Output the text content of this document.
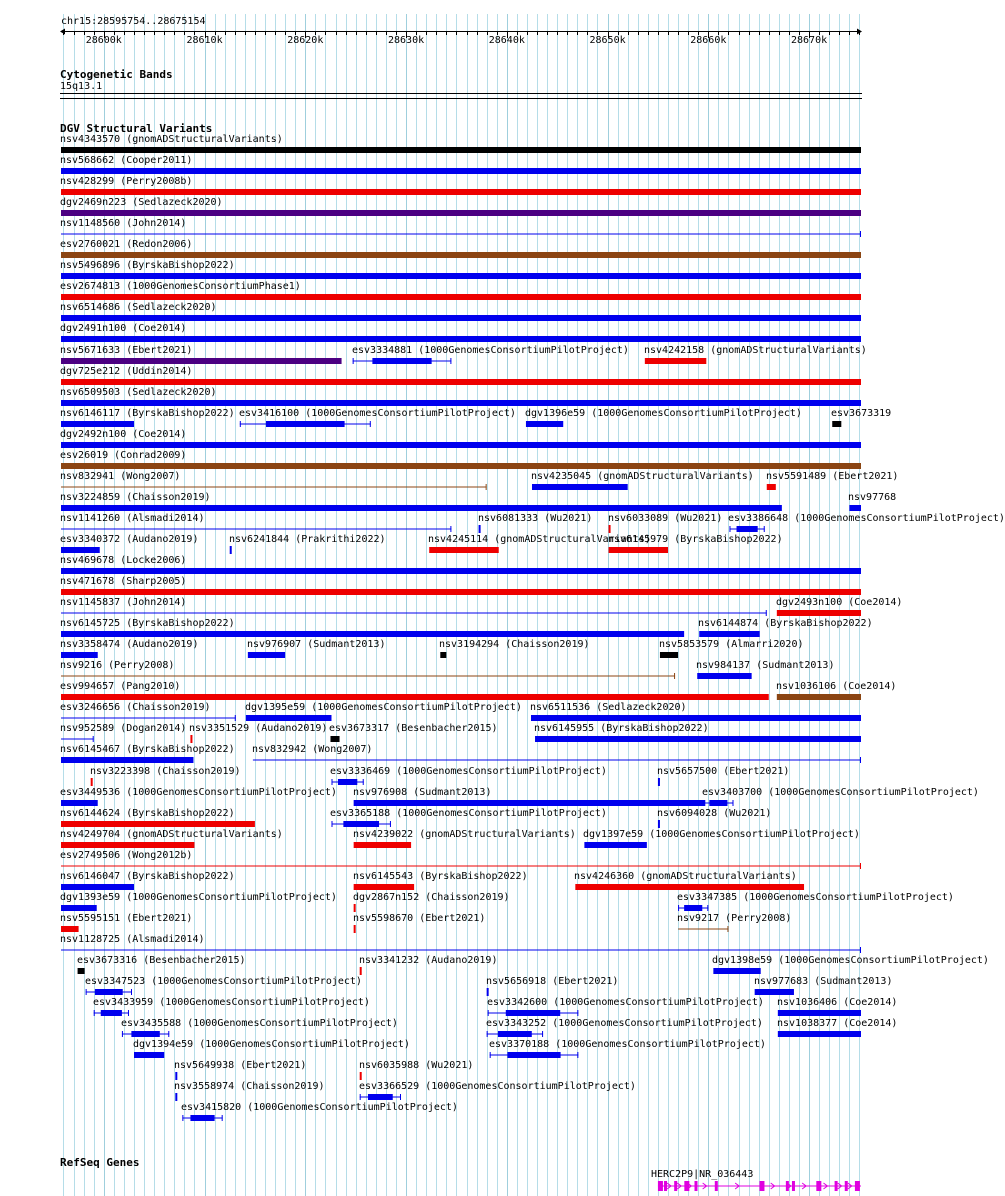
chr15:28595754..28675154
28600k	28610k	28620k	28630k	28640k	28650k	28660k	28670k
Cytogenetic Bands
15q13.1
DGV Structural Variants
nsv4343570 (gnomADStructuralVariants)
nsv568662 (Cooper2011)
nsv428299 (Perry2008b)
dgv2469n223 (Sedlazeck2020)
nsv1148560 (John2014)
esv2760021 (Redon2006)
nsv5496896 (ByrskaBishop2022)
esv2674813 (1000GenomesConsortiumPhase1)
nsv6514686 (Sedlazeck2020)
dgv2491n100 (Coe2014)
nsv5671633 (Ebert2021)	esv3334881 (1000GenomesConsortiumPilotProject) nsv4242158 (gnomADStructuralVariants)
dgv725e212 (Uddin2014)
nsv6509503 (Sedlazeck2020)
nsv6146117 (ByrskaBishop2022) esv3416100 (1000GenomesConsortiumPilotProject) dgv1396e59 (1000GenomesConsortiumPilotProject)	esv3673319
dgv2492n100 (Coe2014)
esv26019 (Conrad2009)
nsv832941 (Wong2007)	nsv4235045 (gnomADStructuralVariants) nsv5591489 (Ebert2021)
nsv3224859 (Chaisson2019)	nsv97768
nsv1141260 (Alsmadi2014)	nsv6081333 (Wu2021) nsv6033089 (Wu2021) esv3386648 (1000GenomesConsortiumPilotProject)
esv3340372 (Audano2019)	nsv6241844 (Prakrithi2022)	nsv4245114 (gnomADStructuralVariants)
nsv6145979 (ByrskaBishop2022)
nsv469678 (Locke2006)
nsv471678 (Sharp2005)
nsv1145837 (John2014)	dgv2493n100 (Coe2014)
nsv6145725 (ByrskaBishop2022)	nsv6144874 (ByrskaBishop2022)
nsv3358474 (Audano2019)	nsv976907 (Sudmant2013)	nsv3194294 (Chaisson2019)	nsv5853579 (Almarri2020)
nsv9216 (Perry2008)	nsv984137 (Sudmant2013)
esv994657 (Pang2010)	nsv1036106 (Coe2014)
esv3246656 (Chaisson2019)	dgv1395e59 (1000GenomesConsortiumPilotProject) nsv6511536 (Sedlazeck2020)
nsv952589 (Dogan2014) nsv3351529 (Audano2019) esv3673317 (Besenbacher2015)	nsv6145955 (ByrskaBishop2022)
nsv6145467 (ByrskaBishop2022) nsv832942 (Wong2007)
nsv3223398 (Chaisson2019)	esv3336469 (1000GenomesConsortiumPilotProject)	nsv5657500 (Ebert2021)
esv3449536 (1000GenomesConsortiumPilotProject) nsv976908 (Sudmant2013)	esv3403700 (1000GenomesConsortiumPilotProject)
nsv6144624 (ByrskaBishop2022)	esv3365188 (1000GenomesConsortiumPilotProject)	nsv6094028 (Wu2021)
nsv4249704 (gnomADStructuralVariants)	nsv4239022 (gnomADStructuralVariants) dgv1397e59 (1000GenomesConsortiumPilotProject)
esv2749506 (Wong2012b)
nsv6146047 (ByrskaBishop2022)	nsv6145543 (ByrskaBishop2022)	nsv4246360 (gnomADStructuralVariants)
dgv1393e59 (1000GenomesConsortiumPilotProject) dgv2867n152 (Chaisson2019)	esv3347385 (1000GenomesConsortiumPilotProject)
nsv5595151 (Ebert2021)	nsv5598670 (Ebert2021)	nsv9217 (Perry2008)
nsv1128725 (Alsmadi2014)
esv3673316 (Besenbacher2015)	nsv3341232 (Audano2019)	dgv1398e59 (1000GenomesConsortiumPilotProject)
esv3347523 (1000GenomesConsortiumPilotProject)	nsv5656918 (Ebert2021)	nsv977683 (Sudmant2013)
esv3433959 (1000GenomesConsortiumPilotProject)	esv3342600 (1000GenomesConsortiumPilotProject) nsv1036406 (Coe2014)
esv3435588 (1000GenomesConsortiumPilotProject)	esv3343252 (1000GenomesConsortiumPilotProject) nsv1038377 (Coe2014)
dgv1394e59 (1000GenomesConsortiumPilotProject)	esv3370188 (1000GenomesConsortiumPilotProject)
nsv5649938 (Ebert2021)	nsv6035988 (Wu2021)
nsv3558974 (Chaisson2019)	esv3366529 (1000GenomesConsortiumPilotProject)
esv3415820 (1000GenomesConsortiumPilotProject)
RefSeq Genes
HERC2P9|NR_036443
